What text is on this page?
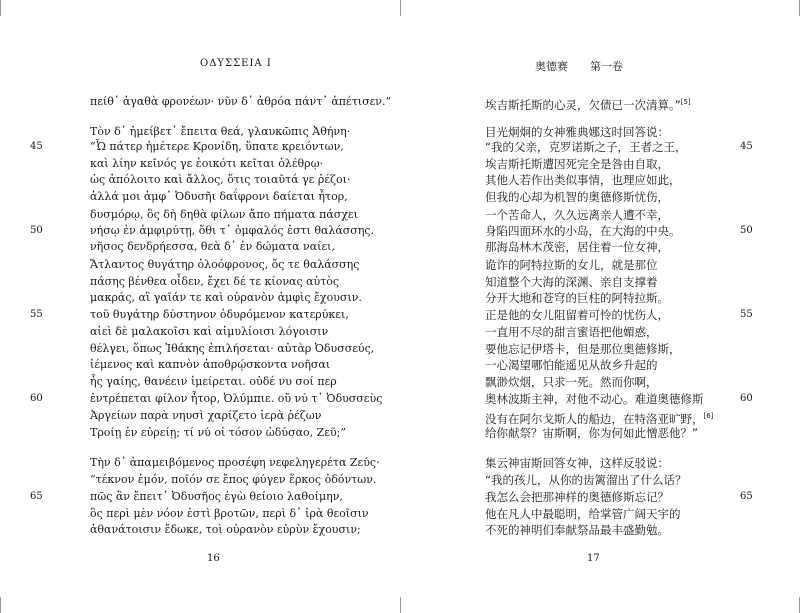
ΟΔΥΣΣΕΙΑ I
πείθ᾽ ἀγαθὰ φρονέων· νῦν δ᾽ ἀθρόα πάντ᾽ ἀπέτισεν.”
Τὸν δ᾽ ἠμείβετ᾽ ἔπειτα θεά, γλαυκῶπις Ἀθήνη·
“Ὦ πάτερ ἡμέτερε Κρονίδη, ὕπατε κρειόντων,
45
καὶ λίην κεῖνός γε ἐοικότι κεῖται ὀλέθρῳ·
ὡς ἀπόλοιτο καὶ ἄλλος, ὅτις τοιαῦτά γε ῥέζοι·
ἀλλά μοι ἀμφ᾽ Ὀδυσῆι δαΐφρονι δαίεται ἦτορ,
δυσμόρῳ, ὃς δὴ δηθὰ φίλων ἄπο πήματα πάσχει
νήσῳ ἐν ἀμφιρύτῃ, ὅθι τ᾽ ὀμφαλός ἐστι θαλάσσης.
50
νῆσος δενδρήεσσα, θεὰ δ᾽ ἐν δώματα ναίει,
Ἄτλαντος θυγάτηρ ὀλοόφρονος, ὅς τε θαλάσσης
πάσης βένθεα οἶδεν, ἔχει δέ τε κίονας αὐτὸς
μακράς, αἳ γαῖάν τε καὶ οὐρανὸν ἀμφὶς ἔχουσιν.
τοῦ θυγάτηρ δύστηνον ὀδυρόμενον κατερύκει,
55
αἰεὶ δὲ μαλακοῖσι καὶ αἱμυλίοισι λόγοισιν
θέλγει, ὅπως Ἰθάκης ἐπιλήσεται· αὐτὰρ Ὀδυσσεύς,
ἱέμενος καὶ καπνὸν ἀποθρῴσκοντα νοῆσαι
ἧς γαίης, θανέειν ἱμείρεται. οὐδέ νυ σοί περ
ἐντρέπεται φίλον ἦτορ, Ὀλύμπιε. οὔ νύ τ᾽ Ὀδυσσεὺς
60
Ἀργείων παρὰ νηυσὶ χαρίζετο ἱερὰ ῥέζων
Τροίῃ ἐν εὐρείῃ; τί νύ οἱ τόσον ὠδύσαο, Ζεῦ;”
Τὴν δ᾽ ἀπαμειβόμενος προσέφη νεφεληγερέτα Ζεύς·
“τέκνον ἐμόν, ποῖόν σε ἔπος φύγεν ἕρκος ὀδόντων.
πῶς ἂν ἔπειτ᾽ Ὀδυσῆος ἐγὼ θείοιο λαθοίμην,
65
ὃς περὶ μὲν νόον ἐστὶ βροτῶν, περὶ δ᾽ ἱρὰ θεοῖσιν
ἀθανάτοισιν ἔδωκε, τοὶ οὐρανὸν εὐρὺν ἔχουσιν;
16
奥德赛 第一卷
埃吉斯托斯的心灵，欠债已一次清算。”[5]
目光炯炯的女神雅典娜这时回答说：
“我的父亲，克罗诺斯之子，王者之王，	45
埃吉斯托斯遭因死完全是咎由自取，
其他人若作出类似事情，也理应如此，
但我的心却为机智的奥德修斯忧伤，
一个苦命人，久久远离亲人遭不幸，
身陷四面环水的小岛，在大海的中央。	50
那海岛林木茂密，居住着一位女神，
诡诈的阿特拉斯的女儿，就是那位
知道整个大海的深渊、亲自支撑着
分开大地和苍穹的巨柱的阿特拉斯。
正是他的女儿阻留着可怜的忧伤人，	55
一直用不尽的甜言蜜语把他媚惑，
要他忘记伊塔卡，但是那位奥德修斯，
一心渴望哪怕能遥见从故乡升起的
飘渺炊烟，只求一死。然而你啊，
奥林波斯主神，对他不动心。难道奥德修斯	60
没有在阿尔戈斯人的船边，在特洛亚旷野，[6]
给你献祭？宙斯啊，你为何如此憎恶他？”
集云神宙斯回答女神，这样反驳说：
“我的孩儿，从你的齿篱溜出了什么话？
我怎么会把那神样的奥德修斯忘记？	65
他在凡人中最聪明，给掌管广阔天宇的
不死的神明们奉献祭品最丰盛勤勉。
17
